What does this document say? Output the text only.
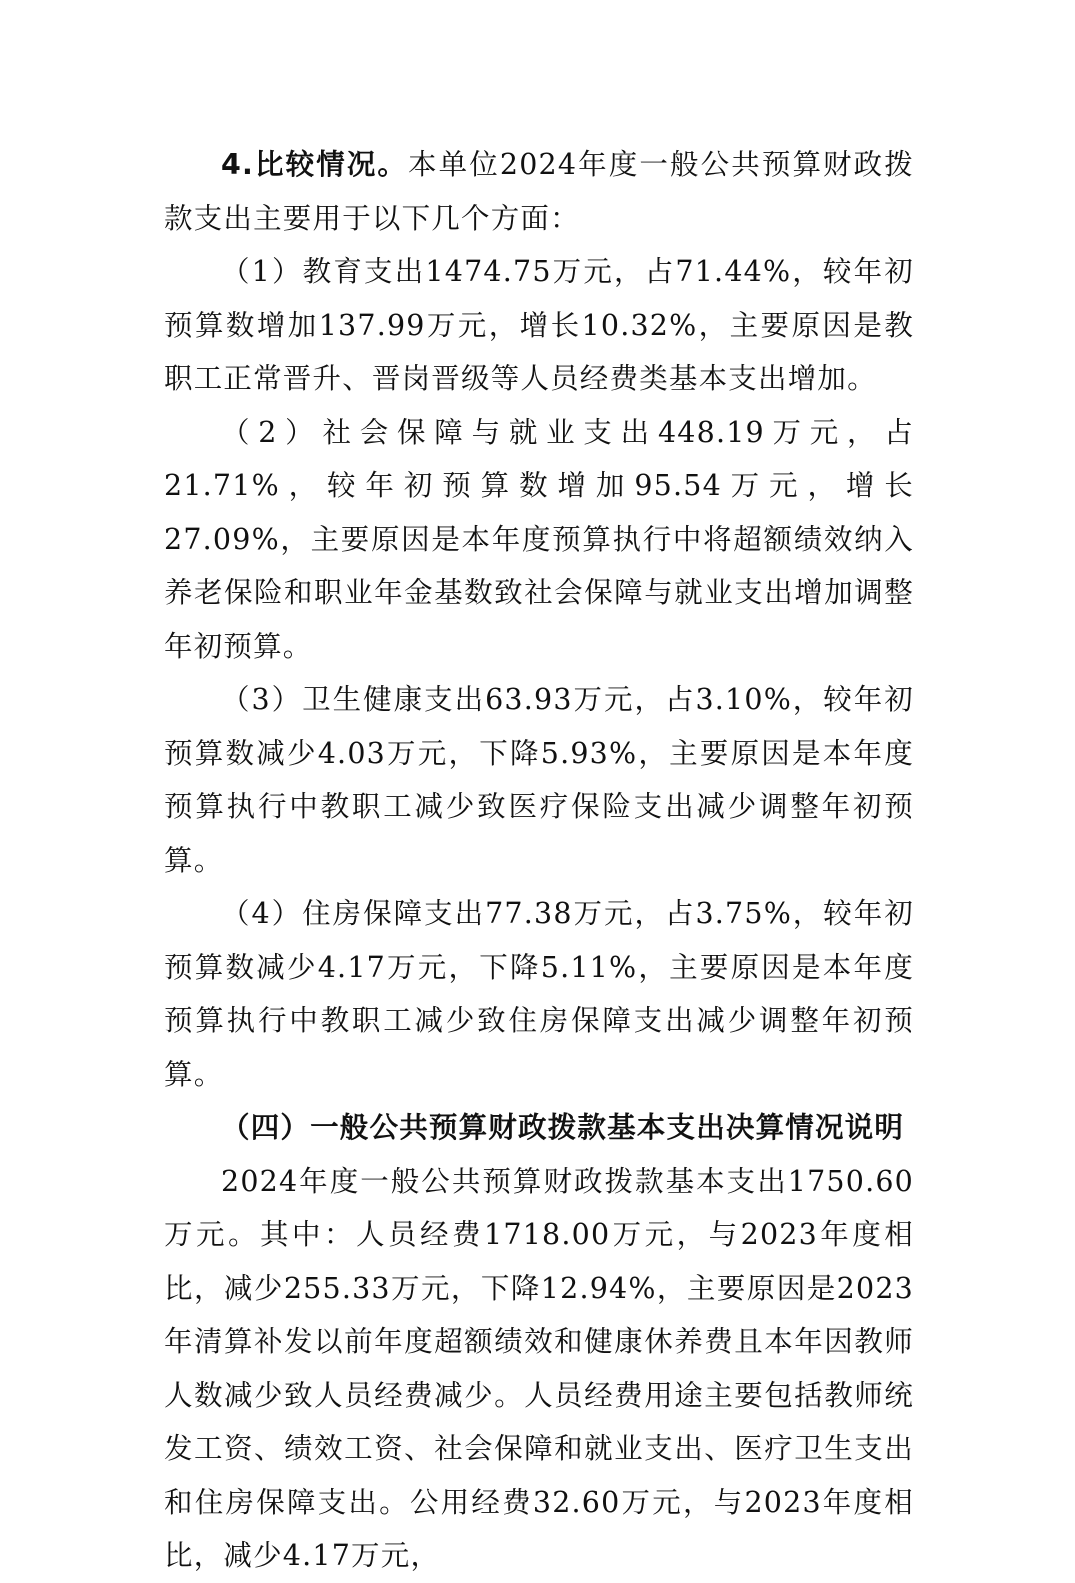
4.比较情况。本单位2024年度一般公共预算财政拨款支出主要用于以下几个方面：

（1）教育支出1474.75万元，占71.44%，较年初预算数增加137.99万元，增长10.32%，主要原因是教职工正常晋升、晋岗晋级等人员经费类基本支出增加。

（2）社会保障与就业支出448.19万元，占21.71%，较年初预算数增加95.54万元，增长27.09%，主要原因是本年度预算执行中将超额绩效纳入养老保险和职业年金基数致社会保障与就业支出增加调整年初预算。

（3）卫生健康支出63.93万元，占3.10%，较年初预算数减少4.03万元，下降5.93%，主要原因是本年度预算执行中教职工减少致医疗保险支出减少调整年初预算。

（4）住房保障支出77.38万元，占3.75%，较年初预算数减少4.17万元，下降5.11%，主要原因是本年度预算执行中教职工减少致住房保障支出减少调整年初预算。

（四）一般公共预算财政拨款基本支出决算情况说明

2024年度一般公共预算财政拨款基本支出1750.60万元。其中：人员经费1718.00万元，与2023年度相比，减少255.33万元，下降12.94%，主要原因是2023年清算补发以前年度超额绩效和健康休养费且本年因教师人数减少致人员经费减少。人员经费用途主要包括教师统发工资、绩效工资、社会保障和就业支出、医疗卫生支出和住房保障支出。公用经费32.60万元，与2023年度相比，减少4.17万元，
